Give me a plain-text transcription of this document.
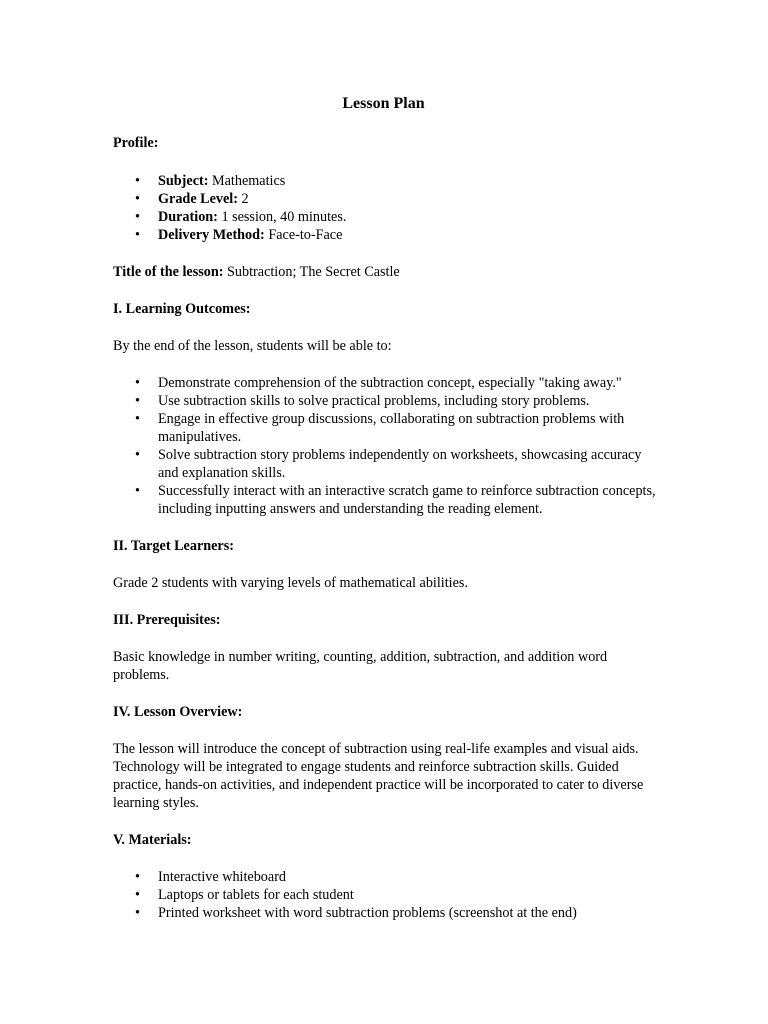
Lesson Plan

Profile:

• Subject: Mathematics
• Grade Level: 2
• Duration: 1 session, 40 minutes.
• Delivery Method: Face-to-Face

Title of the lesson: Subtraction; The Secret Castle

I. Learning Outcomes:

By the end of the lesson, students will be able to:

• Demonstrate comprehension of the subtraction concept, especially "taking away."
• Use subtraction skills to solve practical problems, including story problems.
• Engage in effective group discussions, collaborating on subtraction problems with manipulatives.
• Solve subtraction story problems independently on worksheets, showcasing accuracy and explanation skills.
• Successfully interact with an interactive scratch game to reinforce subtraction concepts, including inputting answers and understanding the reading element.

II. Target Learners:

Grade 2 students with varying levels of mathematical abilities.

III. Prerequisites:

Basic knowledge in number writing, counting, addition, subtraction, and addition word problems.

IV. Lesson Overview:

The lesson will introduce the concept of subtraction using real-life examples and visual aids. Technology will be integrated to engage students and reinforce subtraction skills. Guided practice, hands-on activities, and independent practice will be incorporated to cater to diverse learning styles.

V. Materials:

• Interactive whiteboard
• Laptops or tablets for each student
• Printed worksheet with word subtraction problems (screenshot at the end)
